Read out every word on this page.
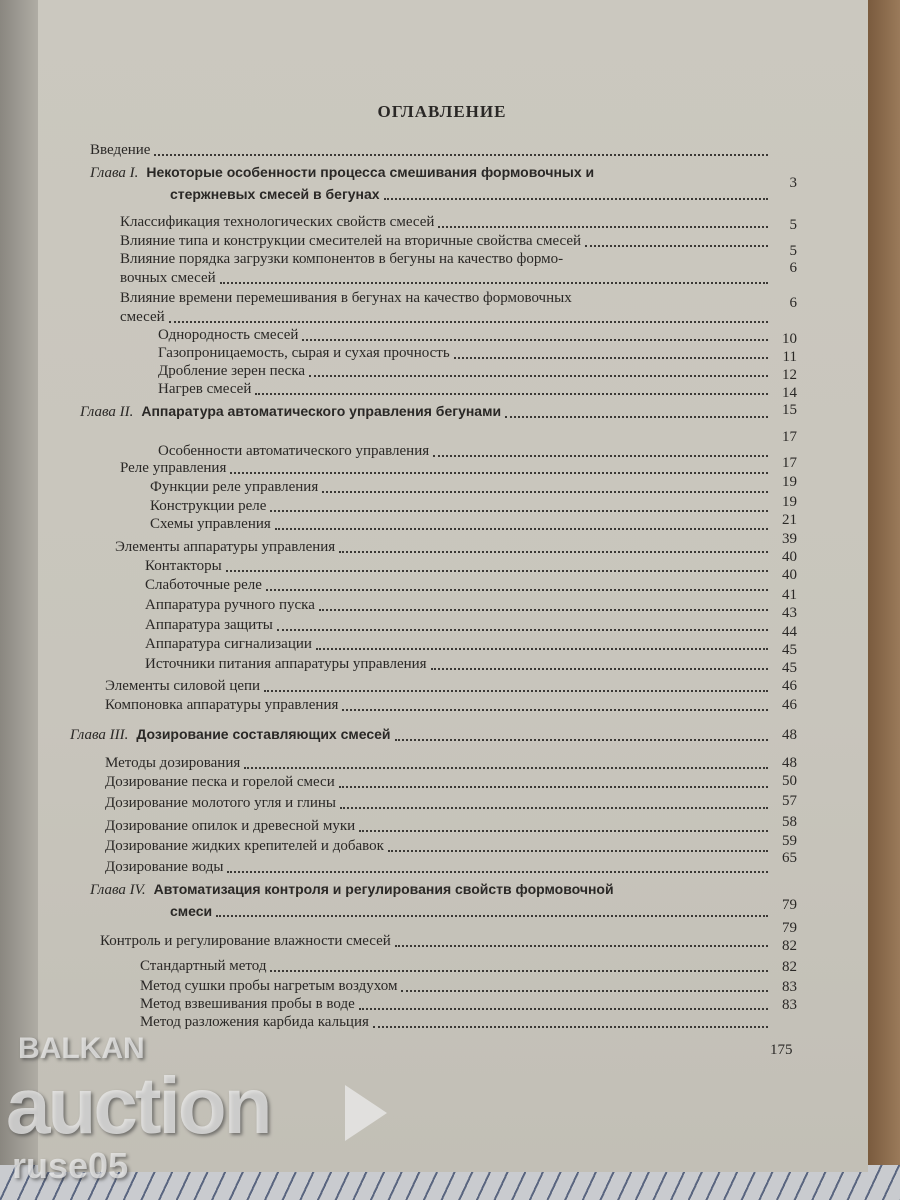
ОГЛАВЛЕНИЕ
Введение
Глава I. Некоторые особенности процесса смешивания формовочных и
стержневых смесей в бегунах
Классификация технологических свойств смесей
Влияние типа и конструкции смесителей на вторичные свойства смесей
Влияние порядка загрузки компонентов в бегуны на качество формо-
вочных смесей
Влияние времени перемешивания в бегунах на качество формовочных
смесей
Однородность смесей
Газопроницаемость, сырая и сухая прочность
Дробление зерен песка
Нагрев смесей
Глава II. Аппаратура автоматического управления бегунами
Особенности автоматического управления
Реле управления
Функции реле управления
Конструкции реле
Схемы управления
Элементы аппаратуры управления
Контакторы
Слаботочные реле
Аппаратура ручного пуска
Аппаратура защиты
Аппаратура сигнализации
Источники питания аппаратуры управления
Элементы силовой цепи
Компоновка аппаратуры управления
Глава III. Дозирование составляющих смесей
Методы дозирования
Дозирование песка и горелой смеси
Дозирование молотого угля и глины
Дозирование опилок и древесной муки
Дозирование жидких крепителей и добавок
Дозирование воды
Глава IV. Автоматизация контроля и регулирования свойств формовочной
смеси
Контроль и регулирование влажности смесей
Стандартный метод
Метод сушки пробы нагретым воздухом
Метод взвешивания пробы в воде
Метод разложения карбида кальция
3
5
5
6
6
10
11
12
14
15
17
17
19
19
21
39
40
40
41
43
44
45
45
46
46
48
48
50
57
58
59
65
79
79
82
82
83
83
175
BALKAN
auction
ruse05
